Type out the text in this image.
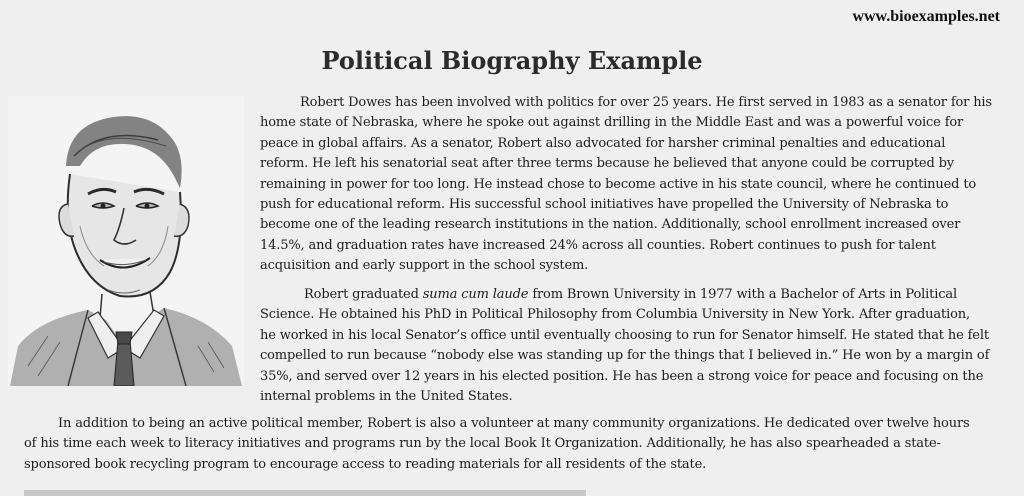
www.bioexamples.net
Political Biography Example
Robert Dowes has been involved with politics for over 25 years. He first served in 1983 as a senator for his
home state of Nebraska, where he spoke out against drilling in the Middle East and was a powerful voice for
peace in global affairs. As a senator, Robert also advocated for harsher criminal penalties and educational
reform. He left his senatorial seat after three terms because he believed that anyone could be corrupted by
remaining in power for too long. He instead chose to become active in his state council, where he continued to
push for educational reform. His successful school initiatives have propelled the University of Nebraska to
become one of the leading research institutions in the nation. Additionally, school enrollment increased over
14.5%, and graduation rates have increased 24% across all counties. Robert continues to push for talent
acquisition and early support in the school system.
Robert graduated suma cum laude from Brown University in 1977 with a Bachelor of Arts in Political
Science. He obtained his PhD in Political Philosophy from Columbia University in New York. After graduation,
he worked in his local Senator’s office until eventually choosing to run for Senator himself. He stated that he felt
compelled to run because “nobody else was standing up for the things that I believed in.” He won by a margin of
35%, and served over 12 years in his elected position. He has been a strong voice for peace and focusing on the
internal problems in the United States.
In addition to being an active political member, Robert is also a volunteer at many community organizations. He dedicated over twelve hours
of his time each week to literacy initiatives and programs run by the local Book It Organization. Additionally, he has also spearheaded a state-
sponsored book recycling program to encourage access to reading materials for all residents of the state.
